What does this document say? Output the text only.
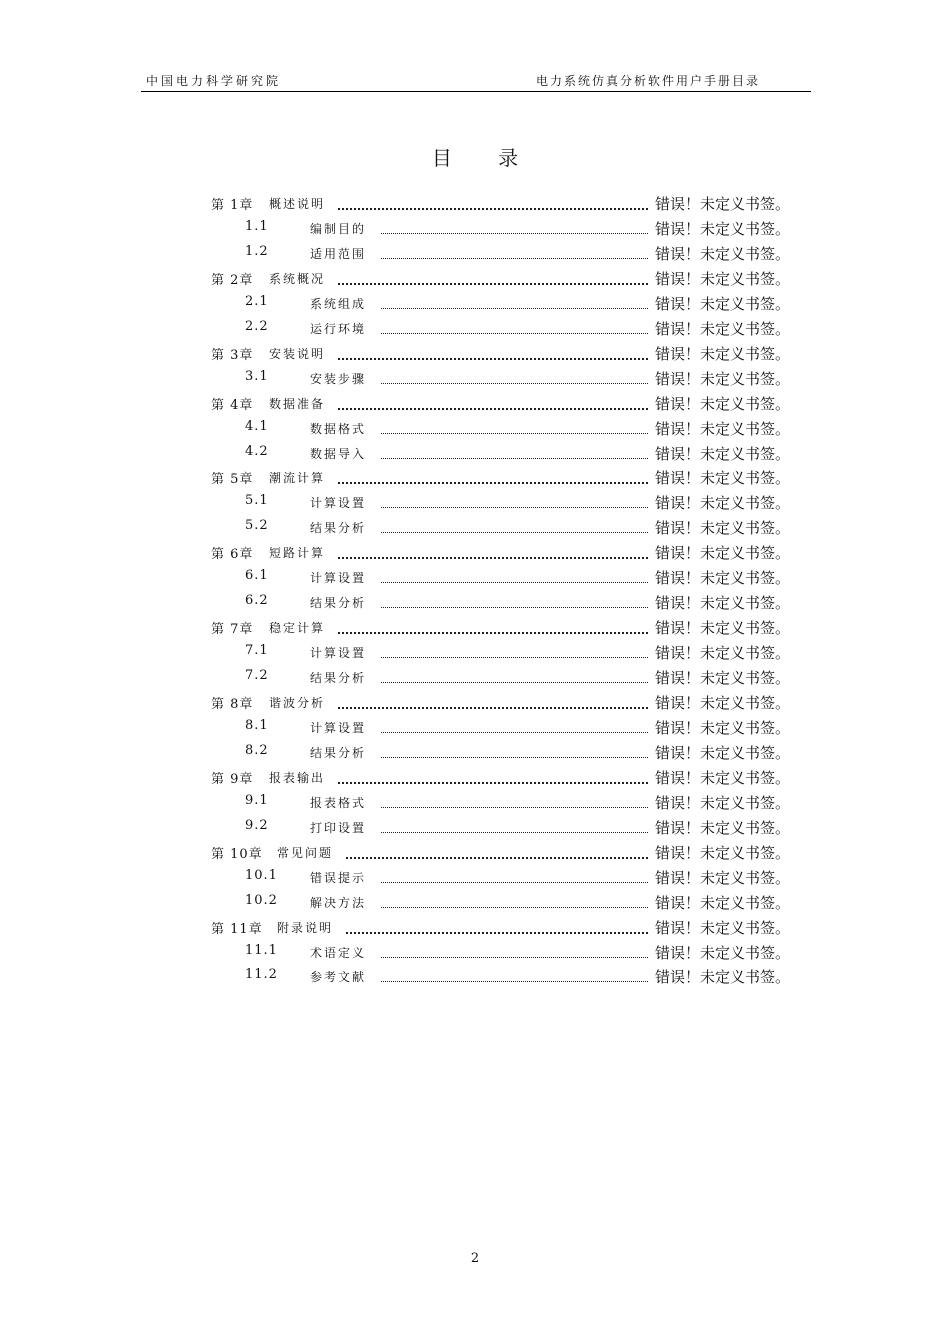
中国电力科学研究院	电力系统仿真分析软件用户手册目录
目 录
第 1章 概述说明	错误！未定义书签。
1.1	编制目的	错误！未定义书签。
1.2	适用范围	错误！未定义书签。
第 2章 系统概况	错误！未定义书签。
2.1	系统组成	错误！未定义书签。
2.2	运行环境	错误！未定义书签。
第 3章 安装说明	错误！未定义书签。
3.1	安装步骤	错误！未定义书签。
第 4章 数据准备	错误！未定义书签。
4.1	数据格式	错误！未定义书签。
4.2	数据导入	错误！未定义书签。
第 5章 潮流计算	错误！未定义书签。
5.1	计算设置	错误！未定义书签。
5.2	结果分析	错误！未定义书签。
第 6章 短路计算	错误！未定义书签。
6.1	计算设置	错误！未定义书签。
6.2	结果分析	错误！未定义书签。
第 7章 稳定计算	错误！未定义书签。
7.1	计算设置	错误！未定义书签。
7.2	结果分析	错误！未定义书签。
第 8章 谐波分析	错误！未定义书签。
8.1	计算设置	错误！未定义书签。
8.2	结果分析	错误！未定义书签。
第 9章 报表输出	错误！未定义书签。
9.1	报表格式	错误！未定义书签。
9.2	打印设置	错误！未定义书签。
第 10章 常见问题	错误！未定义书签。
10.1	错误提示	错误！未定义书签。
10.2	解决方法	错误！未定义书签。
第 11章 附录说明	错误！未定义书签。
11.1	术语定义	错误！未定义书签。
11.2	参考文献	错误！未定义书签。
2
